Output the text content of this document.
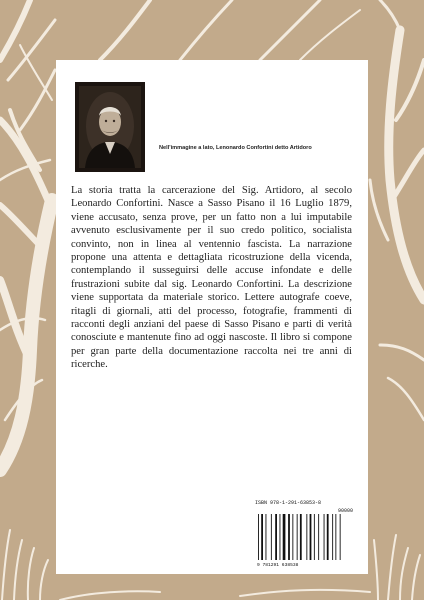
Nell'immagine a lato, Lenonardo Confortini detto Artidoro

La storia tratta la carcerazione del Sig. Artidoro, al secolo Leonardo Confortini. Nasce a Sasso Pisano il 16 Luglio 1879, viene accusato, senza prove, per un fatto non a lui imputabile avvenuto esclusivamente per il suo credo politico, socialista convinto, non in linea al ventennio fascista. La narrazione propone una attenta e dettagliata ricostruzione della vicenda, contemplando il susseguirsi delle accuse infondate e delle frustrazioni subite dal sig. Leonardo Confortini. La descrizione viene supportata da materiale storico. Lettere autografe coeve, ritagli di giornali, atti del processo, fotografie, frammenti di racconti degli anziani del paese di Sasso Pisano e parti di verità conosciute e mantenute fino ad oggi nascoste. Il libro si compone per gran parte della documentazione raccolta nei tre anni di ricerche.

ISBN 978-1-291-63853-8
90000
9 781291 638538
